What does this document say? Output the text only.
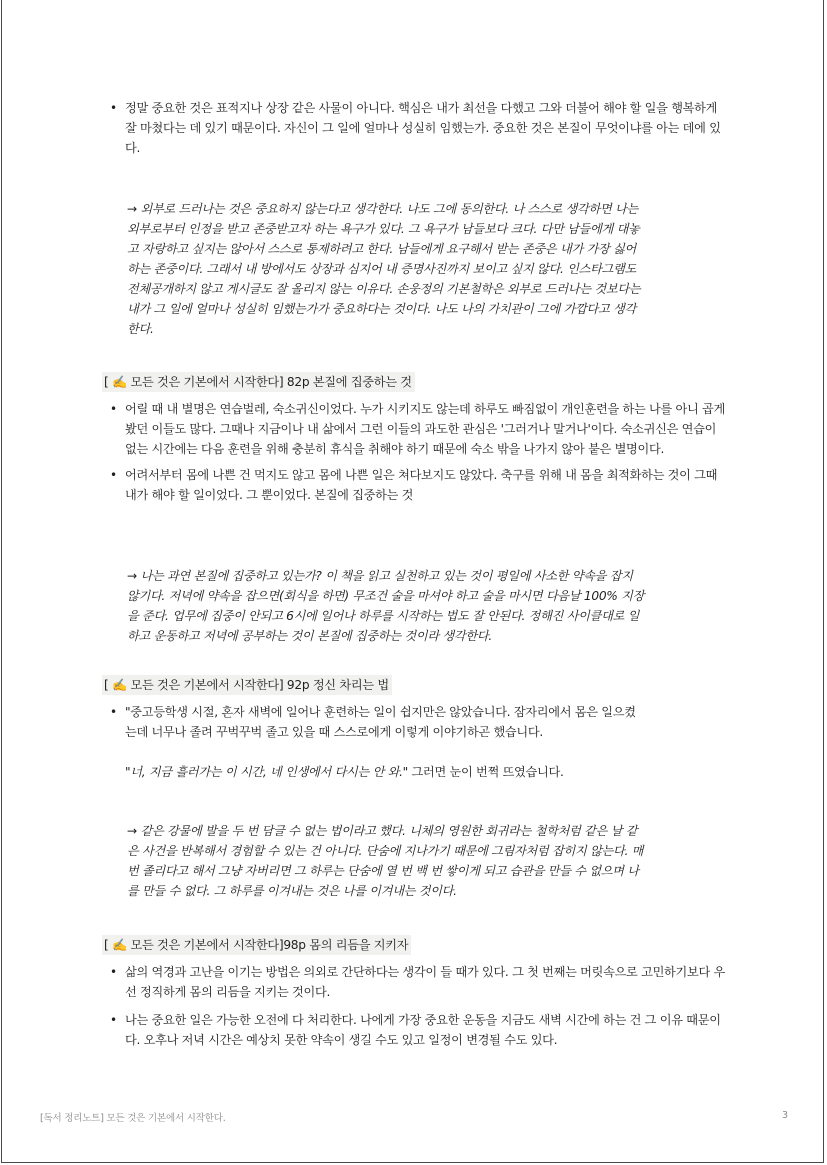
• 정말 중요한 것은 표적지나 상장 같은 사물이 아니다. 핵심은 내가 최선을 다했고 그와 더불어 해야 할 일을 행복하게 잘 마쳤다는 데 있기 때문이다. 자신이 그 일에 얼마나 성실히 임했는가. 중요한 것은 본질이 무엇이냐를 아는 데에 있다.
→ 외부로 드러나는 것은 중요하지 않는다고 생각한다. 나도 그에 동의한다. 나 스스로 생각하면 나는 외부로부터 인정을 받고 존중받고자 하는 욕구가 있다. 그 욕구가 남들보다 크다. 다만 남들에게 대놓고 자랑하고 싶지는 않아서 스스로 통제하려고 한다. 남들에게 요구해서 받는 존중은 내가 가장 싫어하는 존중이다. 그래서 내 방에서도 상장과 심지어 내 증명사진까지 보이고 싶지 않다. 인스타그램도 전체공개하지 않고 게시글도 잘 올리지 않는 이유다. 손웅정의 기본철학은 외부로 드러나는 것보다는 내가 그 일에 얼마나 성실히 임했는가가 중요하다는 것이다. 나도 나의 가치관이 그에 가깝다고 생각한다.
[ ✍️ 모든 것은 기본에서 시작한다] 82p 본질에 집중하는 것
• 어릴 때 내 별명은 연습벌레, 숙소귀신이었다. 누가 시키지도 않는데 하루도 빠짐없이 개인훈련을 하는 나를 아니 곱게 봤던 이들도 많다. 그때나 지금이나 내 삶에서 그런 이들의 과도한 관심은 '그러거나 말거나'이다. 숙소귀신은 연습이 없는 시간에는 다음 훈련을 위해 충분히 휴식을 취해야 하기 때문에 숙소 밖을 나가지 않아 붙은 별명이다.
• 어려서부터 몸에 나쁜 건 먹지도 않고 몸에 나쁜 일은 쳐다보지도 않았다. 축구를 위해 내 몸을 최적화하는 것이 그때 내가 해야 할 일이었다. 그 뿐이었다. 본질에 집중하는 것
→ 나는 과연 본질에 집중하고 있는가? 이 책을 읽고 실천하고 있는 것이 평일에 사소한 약속을 잡지 않기다. 저녁에 약속을 잡으면(회식을 하면) 무조건 술을 마셔야 하고 술을 마시면 다음날 100% 지장을 준다. 업무에 집중이 안되고 6시에 일어나 하루를 시작하는 법도 잘 안된다. 정해진 사이클대로 일하고 운동하고 저녁에 공부하는 것이 본질에 집중하는 것이라 생각한다.
[ ✍️ 모든 것은 기본에서 시작한다] 92p 정신 차리는 법
• "중고등학생 시절, 혼자 새벽에 일어나 훈련하는 일이 쉽지만은 않았습니다. 잠자리에서 몸은 일으켰는데 너무나 졸려 꾸벅꾸벅 졸고 있을 때 스스로에게 이렇게 이야기하곤 했습니다.
"너, 지금 흘러가는 이 시간, 네 인생에서 다시는 안 와." 그러면 눈이 번쩍 뜨였습니다.
→ 같은 강물에 발을 두 번 담글 수 없는 법이라고 했다. 니체의 영원한 회귀라는 철학처럼 같은 날 같은 사건을 반복해서 경험할 수 있는 건 아니다. 단숨에 지나가기 때문에 그림자처럼 잡히지 않는다. 매번 졸리다고 해서 그냥 자버리면 그 하루는 단숨에 열 번 백 번 쌓이게 되고 습관을 만들 수 없으며 나를 만들 수 없다. 그 하루를 이겨내는 것은 나를 이겨내는 것이다.
[ ✍️ 모든 것은 기본에서 시작한다]98p 몸의 리듬을 지키자
• 삶의 역경과 고난을 이기는 방법은 의외로 간단하다는 생각이 들 때가 있다. 그 첫 번째는 머릿속으로 고민하기보다 우선 정직하게 몸의 리듬을 지키는 것이다.
• 나는 중요한 일은 가능한 오전에 다 처리한다. 나에게 가장 중요한 운동을 지금도 새벽 시간에 하는 건 그 이유 때문이다. 오후나 저녁 시간은 예상치 못한 약속이 생길 수도 있고 일정이 변경될 수도 있다.
[독서 정리노트] 모든 것은 기본에서 시작한다.	3
